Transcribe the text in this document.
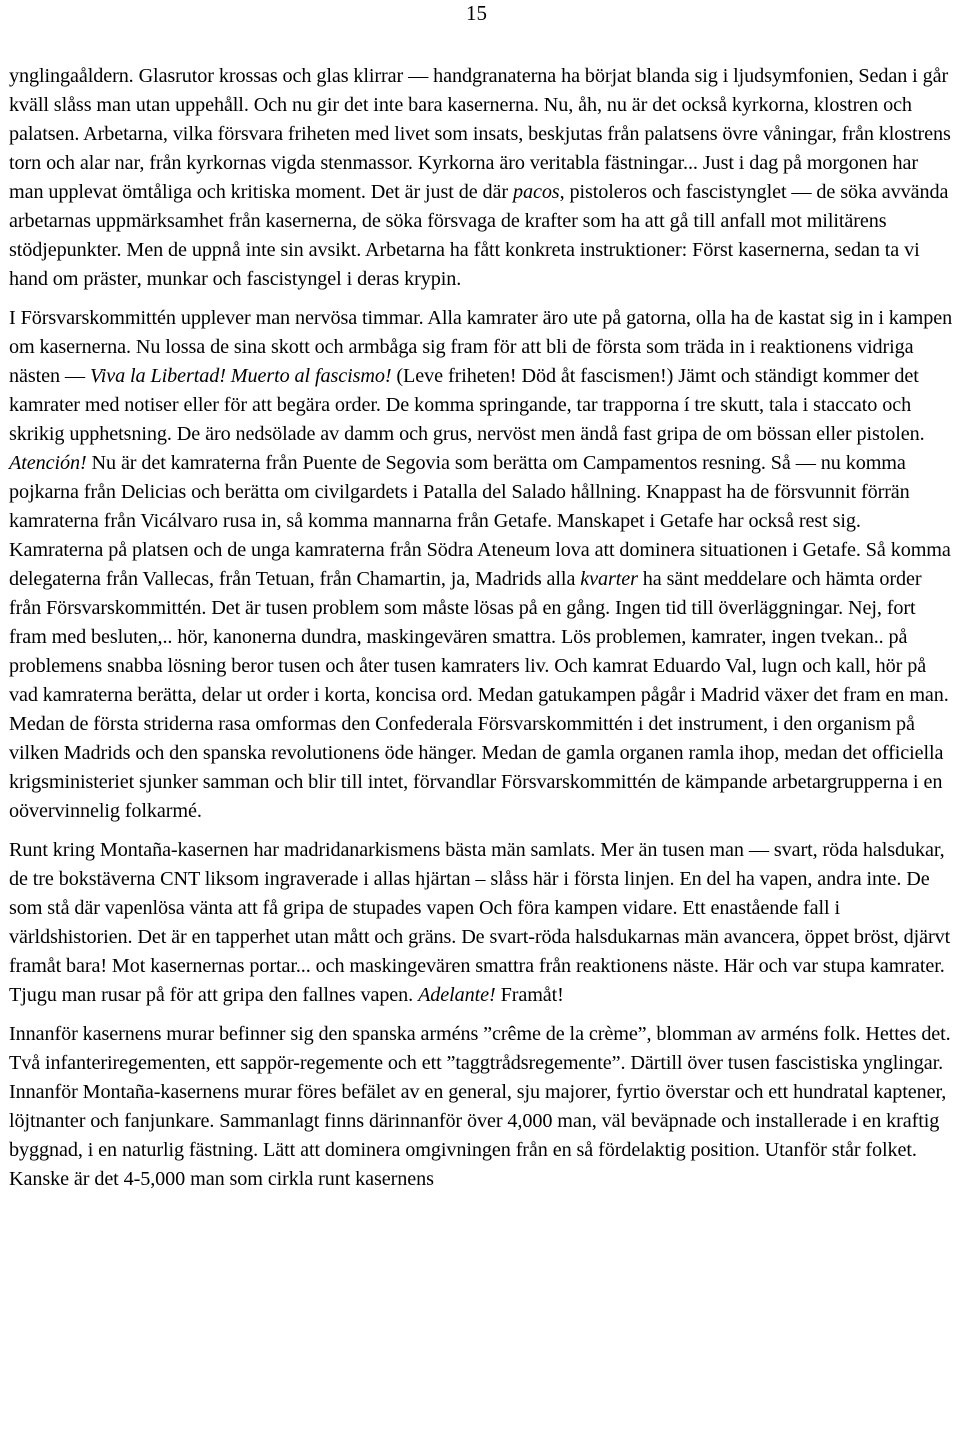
15

ynglingaåldern. Glasrutor krossas och glas klirrar — handgranaterna ha börjat blanda sig i ljudsymfonien, Sedan i går kväll slåss man utan uppehåll. Och nu gir det inte bara kasernerna. Nu, åh, nu är det också kyrkorna, klostren och palatsen. Arbetarna, vilka försvara friheten med livet som insats, beskjutas från palatsens övre våningar, från klostrens torn och alar nar, från kyrkornas vigda stenmassor. Kyrkorna äro veritabla fästningar... Just i dag på morgonen har man upplevat ömtåliga och kritiska moment. Det är just de där pacos, pistoleros och fascistynglet — de söka avvända arbetarnas uppmärksamhet från kasernerna, de söka försvaga de krafter som ha att gå till anfall mot militärens stödjepunkter. Men de uppnå inte sin avsikt. Arbetarna ha fått konkreta instruktioner: Först kasernerna, sedan ta vi hand om präster, munkar och fascistyngel i deras krypin.

I Försvarskommittén upplever man nervösa timmar. Alla kamrater äro ute på gatorna, olla ha de kastat sig in i kampen om kasernerna. Nu lossa de sina skott och armbåga sig fram för att bli de första som träda in i reaktionens vidriga nästen — Viva la Libertad! Muerto al fascismo! (Leve friheten! Död åt fascismen!) Jämt och ständigt kommer det kamrater med notiser eller för att begära order. De komma springande, tar trapporna í tre skutt, tala i staccato och skrikig upphetsning. De äro nedsölade av damm och grus, nervöst men ändå fast gripa de om bössan eller pistolen. Atención! Nu är det kamraterna från Puente de Segovia som berätta om Campamentos resning. Så — nu komma pojkarna från Delicias och berätta om civilgardets i Patalla del Salado hållning. Knappast ha de försvunnit förrän kamraterna från Vicálvaro rusa in, så komma mannarna från Getafe. Manskapet i Getafe har också rest sig. Kamraterna på platsen och de unga kamraterna från Södra Ateneum lova att dominera situationen i Getafe. Så komma delegaterna från Vallecas, från Tetuan, från Chamartin, ja, Madrids alla kvarter ha sänt meddelare och hämta order från Försvarskommittén. Det är tusen problem som måste lösas på en gång. Ingen tid till överläggningar. Nej, fort fram med besluten,.. hör, kanonerna dundra, maskingevären smattra. Lös problemen, kamrater, ingen tvekan.. på problemens snabba lösning beror tusen och åter tusen kamraters liv. Och kamrat Eduardo Val, lugn och kall, hör på vad kamraterna berätta, delar ut order i korta, koncisa ord. Medan gatukampen pågår i Madrid växer det fram en man. Medan de första striderna rasa omformas den Confederala Försvarskommittén i det instrument, i den organism på vilken Madrids och den spanska revolutionens öde hänger. Medan de gamla organen ramla ihop, medan det officiella krigsministeriet sjunker samman och blir till intet, förvandlar Försvarskommittén de kämpande arbetargrupperna i en oövervinnelig folkarmé.

Runt kring Montaña-kasernen har madridanarkismens bästa män samlats. Mer än tusen man — svart, röda halsdukar, de tre bokstäverna CNT liksom ingraverade i allas hjärtan – slåss här i första linjen. En del ha vapen, andra inte. De som stå där vapenlösa vänta att få gripa de stupades vapen Och föra kampen vidare. Ett enastående fall i världshistorien. Det är en tapperhet utan mått och gräns. De svart-röda halsdukarnas män avancera, öppet bröst, djärvt framåt bara! Mot kasernernas portar... och maskingevären smattra från reaktionens näste. Här och var stupa kamrater. Tjugu man rusar på för att gripa den fallnes vapen. Adelante! Framåt!

Innanför kasernens murar befinner sig den spanska arméns ”crême de la crème”, blomman av arméns folk. Hettes det. Två infanteriregementen, ett sappör-regemente och ett ”taggtrådsregemente”. Därtill över tusen fascistiska ynglingar. Innanför Montaña-kasernens murar föres befälet av en general, sju majorer, fyrtio överstar och ett hundratal kaptener, löjtnanter och fanjunkare. Sammanlagt finns därinnanför över 4,000 man, väl beväpnade och installerade i en kraftig byggnad, i en naturlig fästning. Lätt att dominera omgivningen från en så fördelaktig position. Utanför står folket. Kanske är det 4-5,000 man som cirkla runt kasernens
